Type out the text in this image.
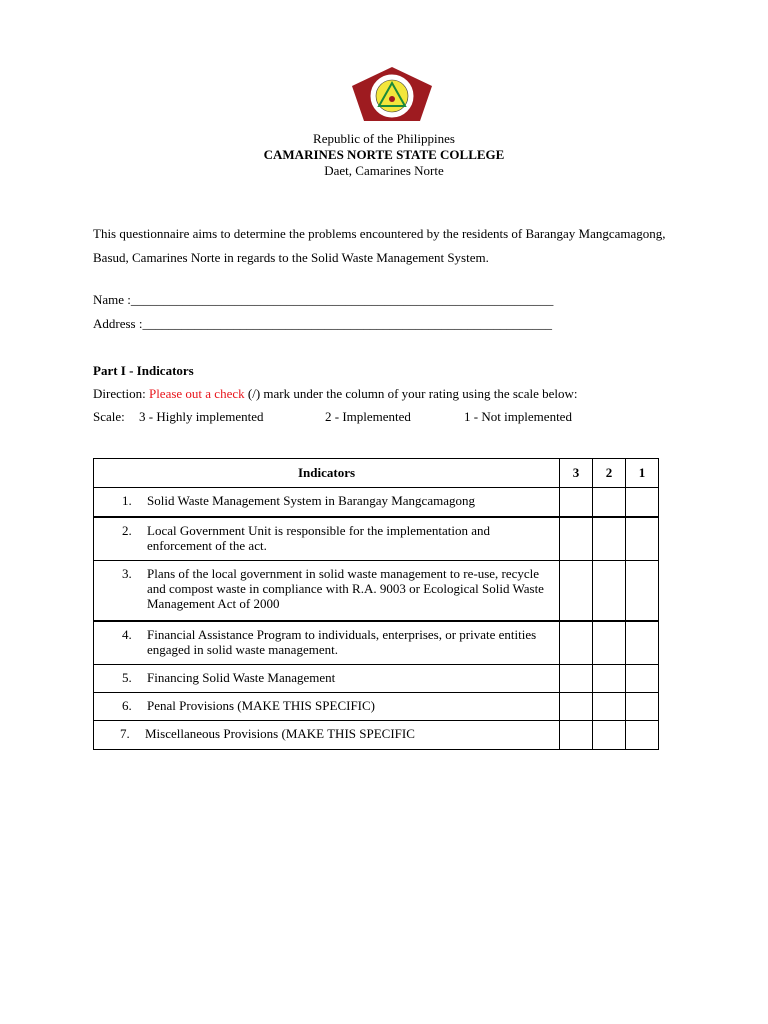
Republic of the Philippines
CAMARINES NORTE STATE COLLEGE
Daet, Camarines Norte
This questionnaire aims to determine the problems encountered by the residents of Barangay Mangcamagong, Basud, Camarines Norte in regards to the Solid Waste Management System.
Name :_________________________________________________________________
Address :_______________________________________________________________
Part I - Indicators
Direction: Please out a check (/) mark under the column of your rating using the scale below:
Scale: 3 - Highly implemented	2 - Implemented	1 - Not implemented
Indicators	3	2	1

1. Solid Waste Management System in Barangay Mangcamagong			

2. Local Government Unit is responsible for the implementation and enforcement of the act.			

3. Plans of the local government in solid waste management to re-use, recycle and compost waste in compliance with R.A. 9003 or Ecological Solid Waste Management Act of 2000			

4. Financial Assistance Program to individuals, enterprises, or private entities engaged in solid waste management.			

5. Financing Solid Waste Management			

6. Penal Provisions (MAKE THIS SPECIFIC)			

7. Miscellaneous Provisions (MAKE THIS SPECIFIC			
